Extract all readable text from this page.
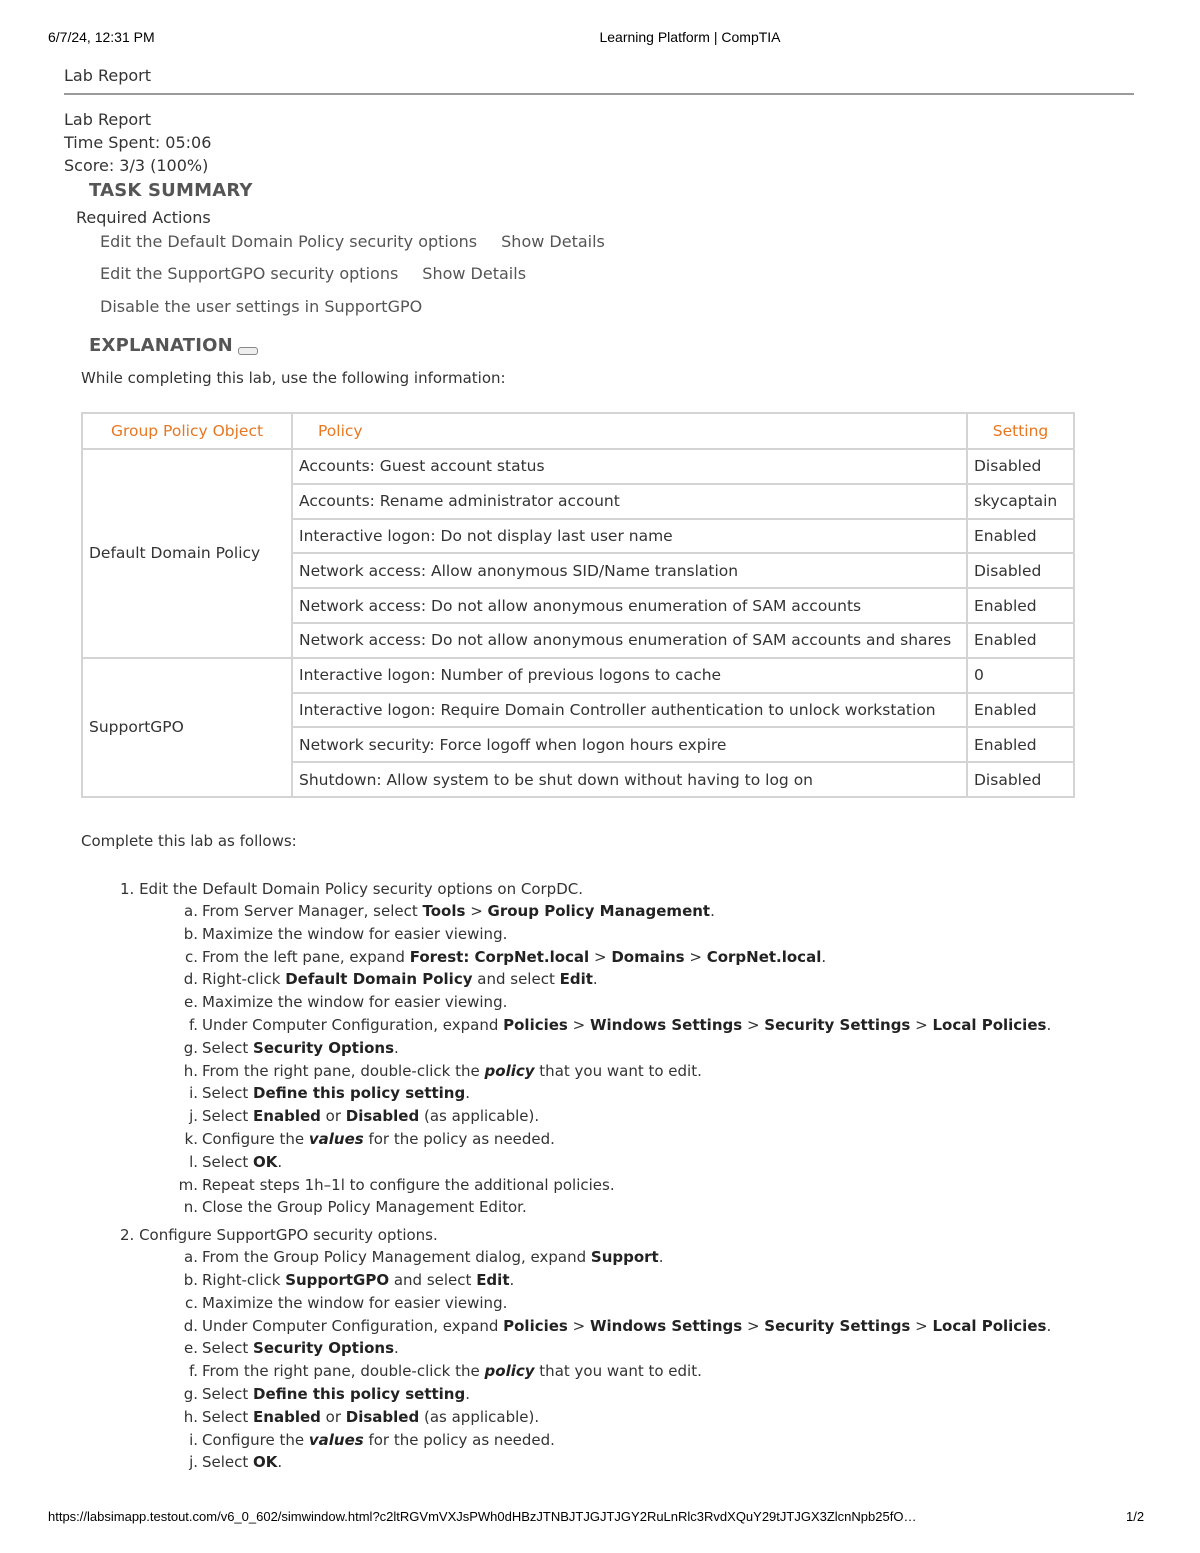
6/7/24, 12:31 PM	Learning Platform | CompTIA
Lab Report
Lab Report
Time Spent: 05:06
Score: 3/3 (100%)
TASK SUMMARY
Required Actions
Edit the Default Domain Policy security options Show Details
Edit the SupportGPO security options Show Details
Disable the user settings in SupportGPO
EXPLANATION
While completing this lab, use the following information:
Group Policy Object	Policy	Setting
Default Domain Policy	Accounts: Guest account status	Disabled
	Accounts: Rename administrator account	skycaptain
	Interactive logon: Do not display last user name	Enabled
	Network access: Allow anonymous SID/Name translation	Disabled
	Network access: Do not allow anonymous enumeration of SAM accounts	Enabled
	Network access: Do not allow anonymous enumeration of SAM accounts and shares	Enabled
SupportGPO	Interactive logon: Number of previous logons to cache	0
	Interactive logon: Require Domain Controller authentication to unlock workstation	Enabled
	Network security: Force logoff when logon hours expire	Enabled
	Shutdown: Allow system to be shut down without having to log on	Disabled
Complete this lab as follows:
1. Edit the Default Domain Policy security options on CorpDC.
a. From Server Manager, select Tools > Group Policy Management.
b. Maximize the window for easier viewing.
c. From the left pane, expand Forest: CorpNet.local > Domains > CorpNet.local.
d. Right-click Default Domain Policy and select Edit.
e. Maximize the window for easier viewing.
f. Under Computer Configuration, expand Policies > Windows Settings > Security Settings > Local Policies.
g. Select Security Options.
h. From the right pane, double-click the policy that you want to edit.
i. Select Define this policy setting.
j. Select Enabled or Disabled (as applicable).
k. Configure the values for the policy as needed.
l. Select OK.
m. Repeat steps 1h–1l to configure the additional policies.
n. Close the Group Policy Management Editor.
2. Configure SupportGPO security options.
a. From the Group Policy Management dialog, expand Support.
b. Right-click SupportGPO and select Edit.
c. Maximize the window for easier viewing.
d. Under Computer Configuration, expand Policies > Windows Settings > Security Settings > Local Policies.
e. Select Security Options.
f. From the right pane, double-click the policy that you want to edit.
g. Select Define this policy setting.
h. Select Enabled or Disabled (as applicable).
i. Configure the values for the policy as needed.
j. Select OK.
https://labsimapp.testout.com/v6_0_602/simwindow.html?c2ltRGVmVXJsPWh0dHBzJTNBJTJGJTJGY2RuLnRlc3RvdXQuY29tJTJGX3ZlcnNpb25fO…	1/2
